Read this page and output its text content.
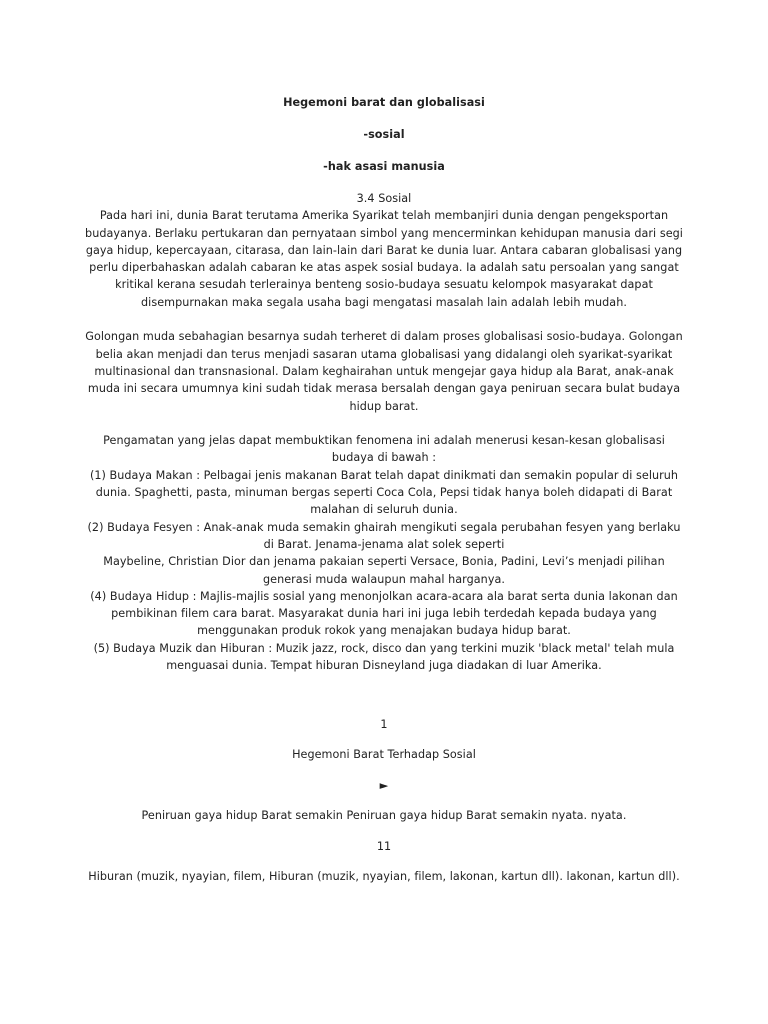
Hegemoni barat dan globalisasi
-sosial
-hak asasi manusia

3.4 Sosial

Pada hari ini, dunia Barat terutama Amerika Syarikat telah membanjiri dunia dengan pengeksportan budayanya. Berlaku pertukaran dan pernyataan simbol yang mencerminkan kehidupan manusia dari segi gaya hidup, kepercayaan, citarasa, dan lain-lain dari Barat ke dunia luar. Antara cabaran globalisasi yang perlu diperbahaskan adalah cabaran ke atas aspek sosial budaya. Ia adalah satu persoalan yang sangat kritikal kerana sesudah terlerainya benteng sosio-budaya sesuatu kelompok masyarakat dapat disempurnakan maka segala usaha bagi mengatasi masalah lain adalah lebih mudah.

Golongan muda sebahagian besarnya sudah terheret di dalam proses globalisasi sosio-budaya. Golongan belia akan menjadi dan terus menjadi sasaran utama globalisasi yang didalangi oleh syarikat-syarikat multinasional dan transnasional. Dalam keghairahan untuk mengejar gaya hidup ala Barat, anak-anak muda ini secara umumnya kini sudah tidak merasa bersalah dengan gaya peniruan secara bulat budaya hidup barat.

Pengamatan yang jelas dapat membuktikan fenomena ini adalah menerusi kesan-kesan globalisasi budaya di bawah :

(1) Budaya Makan : Pelbagai jenis makanan Barat telah dapat dinikmati dan semakin popular di seluruh dunia. Spaghetti, pasta, minuman bergas seperti Coca Cola, Pepsi tidak hanya boleh didapati di Barat malahan di seluruh dunia.

(2) Budaya Fesyen : Anak-anak muda semakin ghairah mengikuti segala perubahan fesyen yang berlaku di Barat. Jenama-jenama alat solek seperti

Maybeline, Christian Dior dan jenama pakaian seperti Versace, Bonia, Padini, Levi’s menjadi pilihan generasi muda walaupun mahal harganya.

(4) Budaya Hidup : Majlis-majlis sosial yang menonjolkan acara-acara ala barat serta dunia lakonan dan pembikinan filem cara barat. Masyarakat dunia hari ini juga lebih terdedah kepada budaya yang menggunakan produk rokok yang menajakan budaya hidup barat.

(5) Budaya Muzik dan Hiburan : Muzik jazz, rock, disco dan yang terkini muzik 'black metal' telah mula menguasai dunia. Tempat hiburan Disneyland juga diadakan di luar Amerika.

1
Hegemoni Barat Terhadap Sosial
►
Peniruan gaya hidup Barat semakin Peniruan gaya hidup Barat semakin nyata. nyata.
11
Hiburan (muzik, nyayian, filem, Hiburan (muzik, nyayian, filem, lakonan, kartun dll). lakonan, kartun dll).
